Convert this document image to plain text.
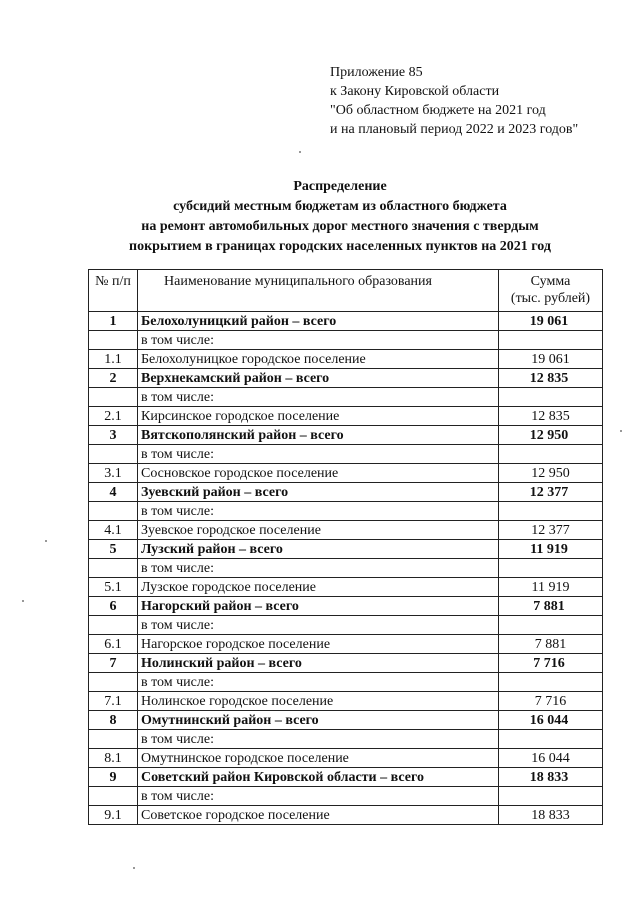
Приложение 85
к Закону Кировской области
"Об областном бюджете на 2021 год
и на плановый период 2022 и 2023 годов"
Распределение
субсидий местным бюджетам из областного бюджета
на ремонт автомобильных дорог местного значения с твердым
покрытием в границах городских населенных пунктов на 2021 год
№ п/п	Наименование муниципального образования	Сумма
(тыс. рублей)

1	Белохолуницкий район – всего	19 061
	в том числе:	
1.1	Белохолуницкое городское поселение	19 061
2	Верхнекамский район – всего	12 835
	в том числе:	
2.1	Кирсинское городское поселение	12 835
3	Вятскополянский район – всего	12 950
	в том числе:	
3.1	Сосновское городское поселение	12 950
4	Зуевский район – всего	12 377
	в том числе:	
4.1	Зуевское городское поселение	12 377
5	Лузский район – всего	11 919
	в том числе:	
5.1	Лузское городское поселение	11 919
6	Нагорский район – всего	7 881
	в том числе:	
6.1	Нагорское городское поселение	7 881
7	Нолинский район – всего	7 716
	в том числе:	
7.1	Нолинское городское поселение	7 716
8	Омутнинский район – всего	16 044
	в том числе:	
8.1	Омутнинское городское поселение	16 044
9	Советский район Кировской области – всего	18 833
	в том числе:	
9.1	Советское городское поселение	18 833
